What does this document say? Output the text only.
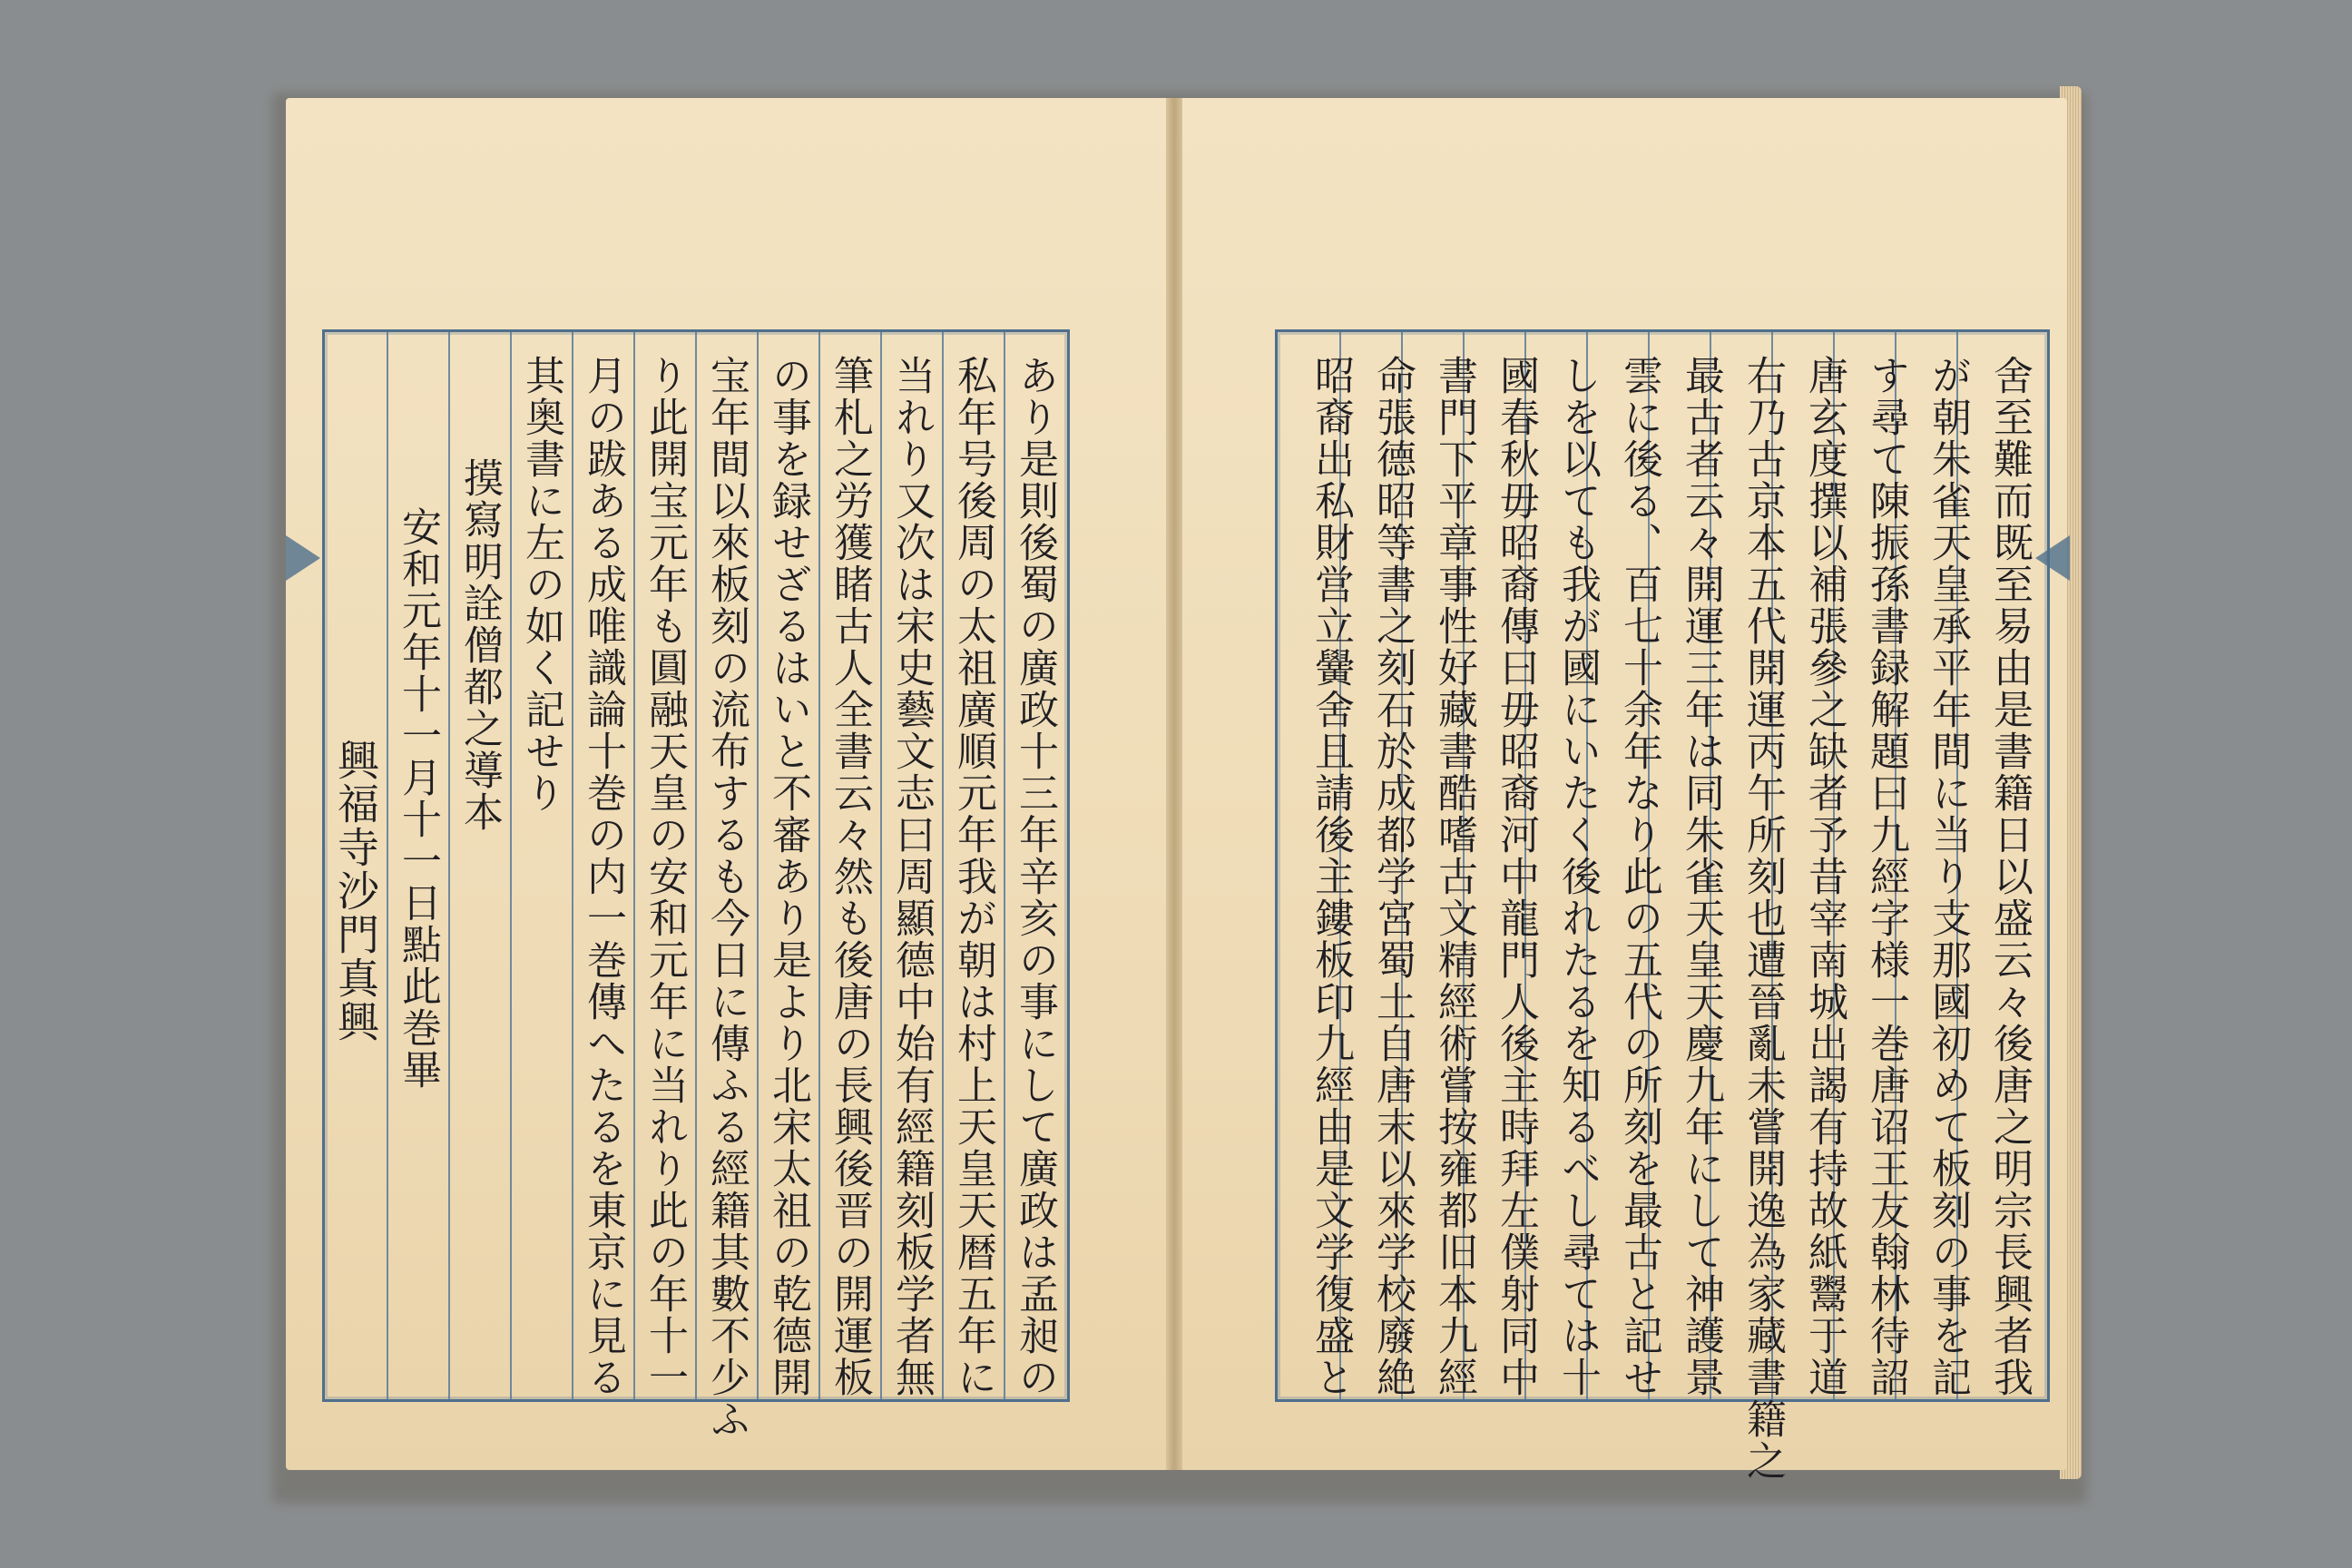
舍至難而既至易由是書籍日以盛云々後唐之明宗長興者我
が朝朱雀天皇承平年間に当り支那國初めて板刻の事を記
す尋て陳振孫書録解題曰九經字様一巻唐诏王友翰林待詔
唐玄度撰以補張參之缺者予昔宰南城出謁有持故紙鬻于道
右乃古京本五代開運丙午所刻也遭晉亂未嘗開逸為家藏書籍之
最古者云々開運三年は同朱雀天皇天慶九年にして神護景
雲に後る、百七十余年なり此の五代の所刻を最古と記せ
しを以ても我が國にいたく後れたるを知るべし尋ては十
國春秋毋昭裔傳曰毋昭裔河中龍門人後主時拜左僕射同中
書門下平章事性好藏書酷嗜古文精經術嘗按雍都旧本九經
命張德昭等書之刻石於成都学宮蜀土自唐末以來学校廢絶
昭裔出私財営立黌舍且請後主鏤板印九經由是文学復盛と
あり是則後蜀の廣政十三年辛亥の事にして廣政は孟昶の
私年号後周の太祖廣順元年我が朝は村上天皇天暦五年に
当れり又次は宋史藝文志曰周顯德中始有經籍刻板学者無
筆札之労獲睹古人全書云々然も後唐の長興後晋の開運板
の事を録せざるはいと不審あり是より北宋太祖の乾德開
宝年間以來板刻の流布するも今日に傳ふる經籍其數不少ふ
り此開宝元年も圓融天皇の安和元年に当れり此の年十一
月の跋ある成唯識論十巻の内一巻傳へたるを東京に見る
其奥書に左の如く記せり
摸寫明詮僧都之導本
安和元年十一月十一日點此巻畢
興福寺沙門真興
